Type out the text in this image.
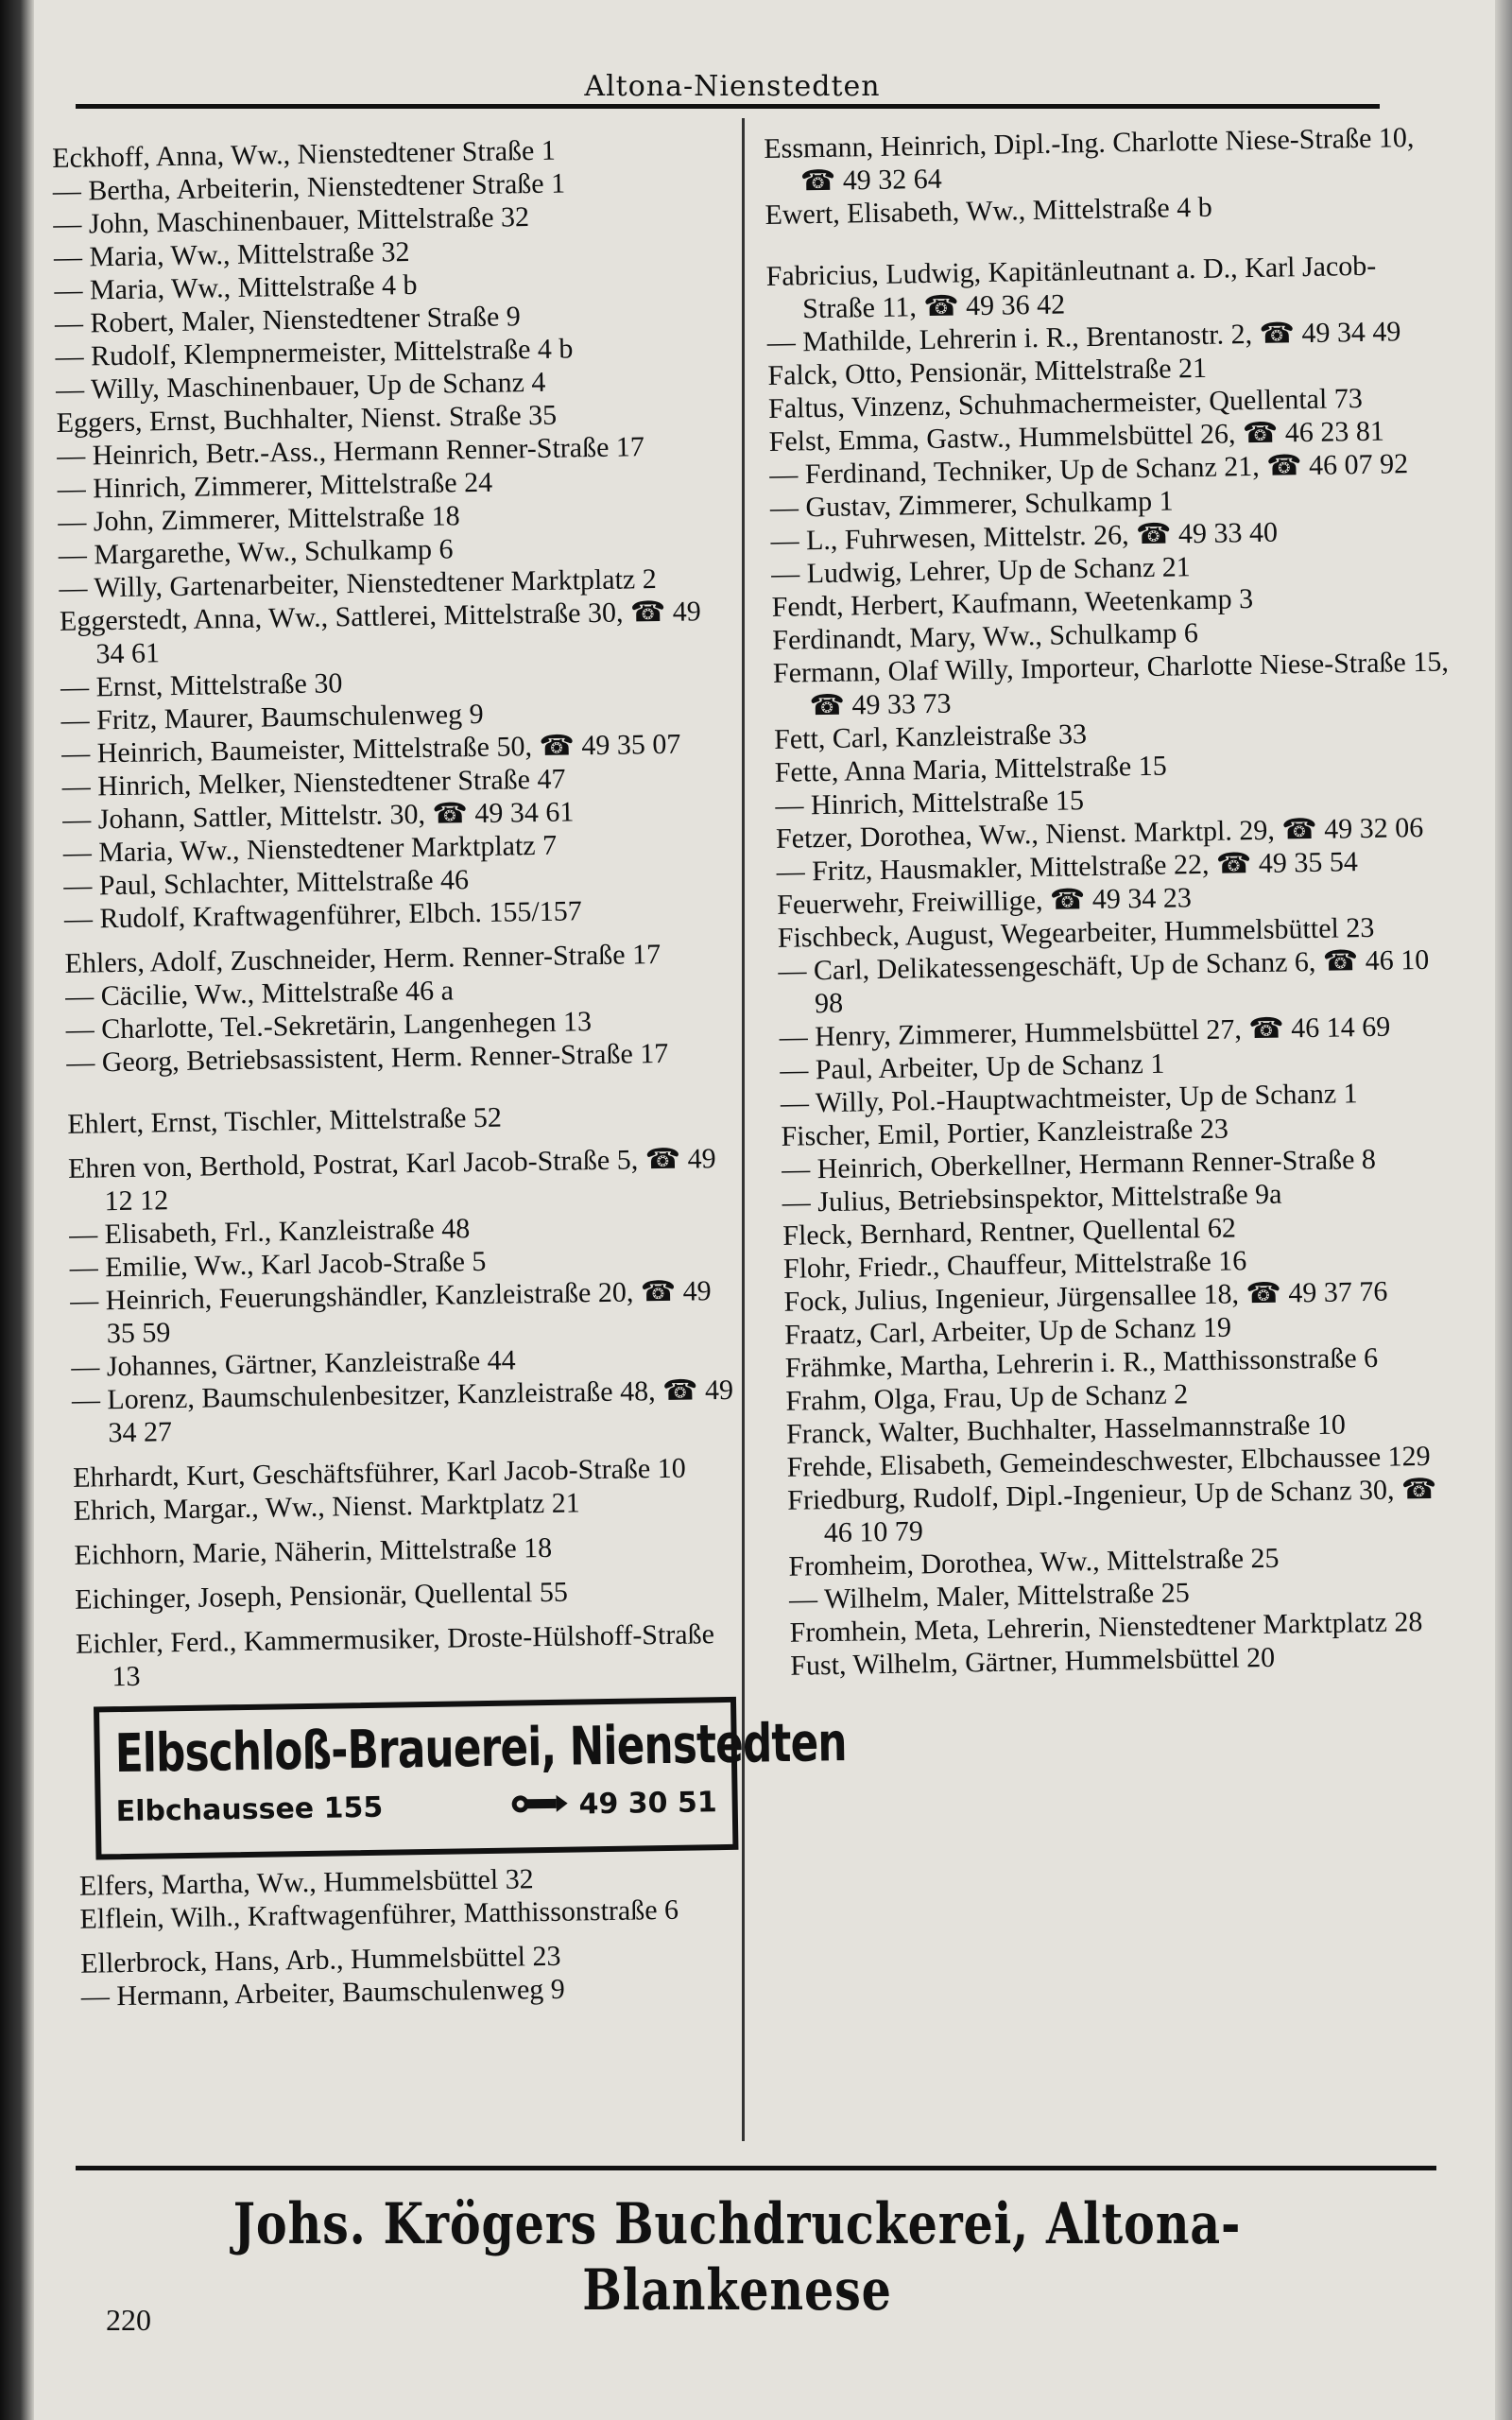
Altona-Nienstedten

Eckhoff, Anna, Ww., Nienstedtener Straße 1

— Bertha, Arbeiterin, Nienstedtener Straße 1

— John, Maschinenbauer, Mittelstraße 32

— Maria, Ww., Mittelstraße 32

— Maria, Ww., Mittelstraße 4 b

— Robert, Maler, Nienstedtener Straße 9

— Rudolf, Klempnermeister, Mittelstraße 4 b

— Willy, Maschinenbauer, Up de Schanz 4

Eggers, Ernst, Buchhalter, Nienst. Straße 35

— Heinrich, Betr.-Ass., Hermann Renner-Straße 17

— Hinrich, Zimmerer, Mittelstraße 24

— John, Zimmerer, Mittelstraße 18

— Margarethe, Ww., Schulkamp 6

— Willy, Gartenarbeiter, Nienstedtener Marktplatz 2

Eggerstedt, Anna, Ww., Sattlerei, Mittelstraße 30, ☎ 49 34 61

— Ernst, Mittelstraße 30

— Fritz, Maurer, Baumschulenweg 9

— Heinrich, Baumeister, Mittelstraße 50, ☎ 49 35 07

— Hinrich, Melker, Nienstedtener Straße 47

— Johann, Sattler, Mittelstr. 30, ☎ 49 34 61

— Maria, Ww., Nienstedtener Marktplatz 7

— Paul, Schlachter, Mittelstraße 46

— Rudolf, Kraftwagenführer, Elbch. 155/157

Ehlers, Adolf, Zuschneider, Herm. Renner-Straße 17

— Cäcilie, Ww., Mittelstraße 46 a

— Charlotte, Tel.-Sekretärin, Langenhegen 13

— Georg, Betriebsassistent, Herm. Renner-Straße 17

Ehlert, Ernst, Tischler, Mittelstraße 52

Ehren von, Berthold, Postrat, Karl Jacob-Straße 5, ☎ 49 12 12

— Elisabeth, Frl., Kanzleistraße 48

— Emilie, Ww., Karl Jacob-Straße 5

— Heinrich, Feuerungshändler, Kanzleistraße 20, ☎ 49 35 59

— Johannes, Gärtner, Kanzleistraße 44

— Lorenz, Baumschulenbesitzer, Kanzleistraße 48, ☎ 49 34 27

Ehrhardt, Kurt, Geschäftsführer, Karl Jacob-Straße 10

Ehrich, Margar., Ww., Nienst. Marktplatz 21

Eichhorn, Marie, Näherin, Mittelstraße 18

Eichinger, Joseph, Pensionär, Quellental 55

Eichler, Ferd., Kammermusiker, Droste-Hülshoff-Straße 13

Elbschloß-Brauerei, Nienstedten
Elbchaussee 155	49 30 51

Elfers, Martha, Ww., Hummelsbüttel 32

Elflein, Wilh., Kraftwagenführer, Matthissonstraße 6

Ellerbrock, Hans, Arb., Hummelsbüttel 23

— Hermann, Arbeiter, Baumschulenweg 9

Essmann, Heinrich, Dipl.-Ing. Charlotte Niese-Straße 10, ☎ 49 32 64

Ewert, Elisabeth, Ww., Mittelstraße 4 b

Fabricius, Ludwig, Kapitänleutnant a. D., Karl Jacob-Straße 11, ☎ 49 36 42

— Mathilde, Lehrerin i. R., Brentanostr. 2, ☎ 49 34 49

Falck, Otto, Pensionär, Mittelstraße 21

Faltus, Vinzenz, Schuhmachermeister, Quellental 73

Felst, Emma, Gastw., Hummelsbüttel 26, ☎ 46 23 81

— Ferdinand, Techniker, Up de Schanz 21, ☎ 46 07 92

— Gustav, Zimmerer, Schulkamp 1

— L., Fuhrwesen, Mittelstr. 26, ☎ 49 33 40

— Ludwig, Lehrer, Up de Schanz 21

Fendt, Herbert, Kaufmann, Weetenkamp 3

Ferdinandt, Mary, Ww., Schulkamp 6

Fermann, Olaf Willy, Importeur, Charlotte Niese-Straße 15, ☎ 49 33 73

Fett, Carl, Kanzleistraße 33

Fette, Anna Maria, Mittelstraße 15

— Hinrich, Mittelstraße 15

Fetzer, Dorothea, Ww., Nienst. Marktpl. 29, ☎ 49 32 06

— Fritz, Hausmakler, Mittelstraße 22, ☎ 49 35 54

Feuerwehr, Freiwillige, ☎ 49 34 23

Fischbeck, August, Wegearbeiter, Hummelsbüttel 23

— Carl, Delikatessengeschäft, Up de Schanz 6, ☎ 46 10 98

— Henry, Zimmerer, Hummelsbüttel 27, ☎ 46 14 69

— Paul, Arbeiter, Up de Schanz 1

— Willy, Pol.-Hauptwachtmeister, Up de Schanz 1

Fischer, Emil, Portier, Kanzleistraße 23

— Heinrich, Oberkellner, Hermann Renner-Straße 8

— Julius, Betriebsinspektor, Mittelstraße 9a

Fleck, Bernhard, Rentner, Quellental 62

Flohr, Friedr., Chauffeur, Mittelstraße 16

Fock, Julius, Ingenieur, Jürgensallee 18, ☎ 49 37 76

Fraatz, Carl, Arbeiter, Up de Schanz 19

Frähmke, Martha, Lehrerin i. R., Matthissonstraße 6

Frahm, Olga, Frau, Up de Schanz 2

Franck, Walter, Buchhalter, Hasselmannstraße 10

Frehde, Elisabeth, Gemeindeschwester, Elbchaussee 129

Friedburg, Rudolf, Dipl.-Ingenieur, Up de Schanz 30, ☎ 46 10 79

Fromheim, Dorothea, Ww., Mittelstraße 25

— Wilhelm, Maler, Mittelstraße 25

Fromhein, Meta, Lehrerin, Nienstedtener Marktplatz 28

Fust, Wilhelm, Gärtner, Hummelsbüttel 20

Johs. Krögers Buchdruckerei, Altona-Blankenese
220
